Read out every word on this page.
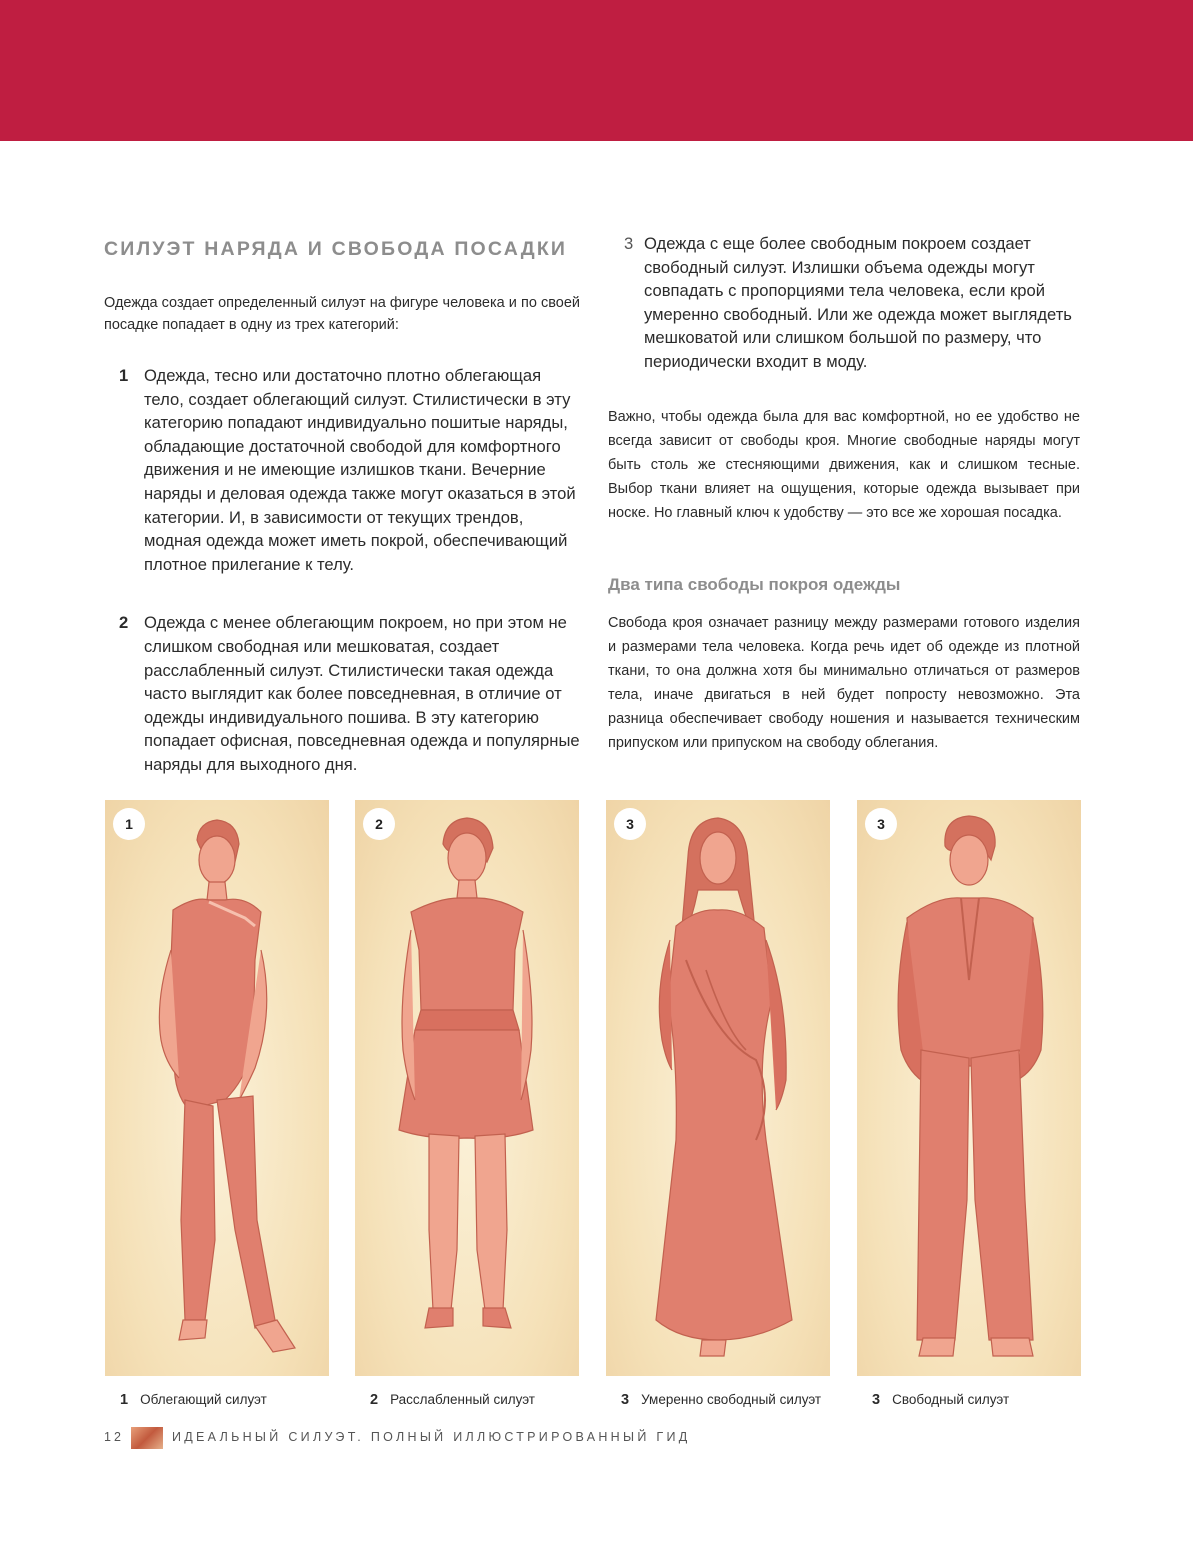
СИЛУЭТ НАРЯДА И СВОБОДА ПОСАДКИ

Одежда создает определенный силуэт на фигуре человека и по своей посадке попадает в одну из трех категорий:

1 Одежда, тесно или достаточно плотно облегающая тело, создает облегающий силуэт. Стилистически в эту категорию попадают индивидуально пошитые наряды, обладающие достаточной свободой для комфортного движения и не имеющие излишков ткани. Вечерние наряды и деловая одежда также могут оказаться в этой категории. И, в зависимости от текущих трендов, модная одежда может иметь покрой, обеспечивающий плотное прилегание к телу.
2 Одежда с менее облегающим покроем, но при этом не слишком свободная или мешковатая, создает расслабленный силуэт. Стилистически такая одежда часто выглядит как более повседневная, в отличие от одежды индивидуального пошива. В эту категорию попадает офисная, повседневная одежда и популярные наряды для выходного дня.
3 Одежда с еще более свободным покроем создает свободный силуэт. Излишки объема одежды могут совпадать с пропорциями тела человека, если крой умеренно свободный. Или же одежда может выглядеть мешковатой или слишком большой по размеру, что периодически входит в моду.

Важно, чтобы одежда была для вас комфортной, но ее удобство не всегда зависит от свободы кроя. Многие свободные наряды могут быть столь же стесняющими движения, как и слишком тесные. Выбор ткани влияет на ощущения, которые одежда вызывает при носке. Но главный ключ к удобству — это все же хорошая посадка.

Два типа свободы покроя одежды

Свобода кроя означает разницу между размерами готового изделия и размерами тела человека. Когда речь идет об одежде из плотной ткани, то она должна хотя бы минимально отличаться от размеров тела, иначе двигаться в ней будет попросту невозможно. Эта разница обеспечивает свободу ношения и называется техническим припуском или припуском на свободу облегания.

1	2	3	3
1 Облегающий силуэт	2 Расслабленный силуэт	3 Умеренно свободный силуэт	3 Свободный силуэт
12	ИДЕАЛЬНЫЙ СИЛУЭТ. ПОЛНЫЙ ИЛЛЮСТРИРОВАННЫЙ ГИД
